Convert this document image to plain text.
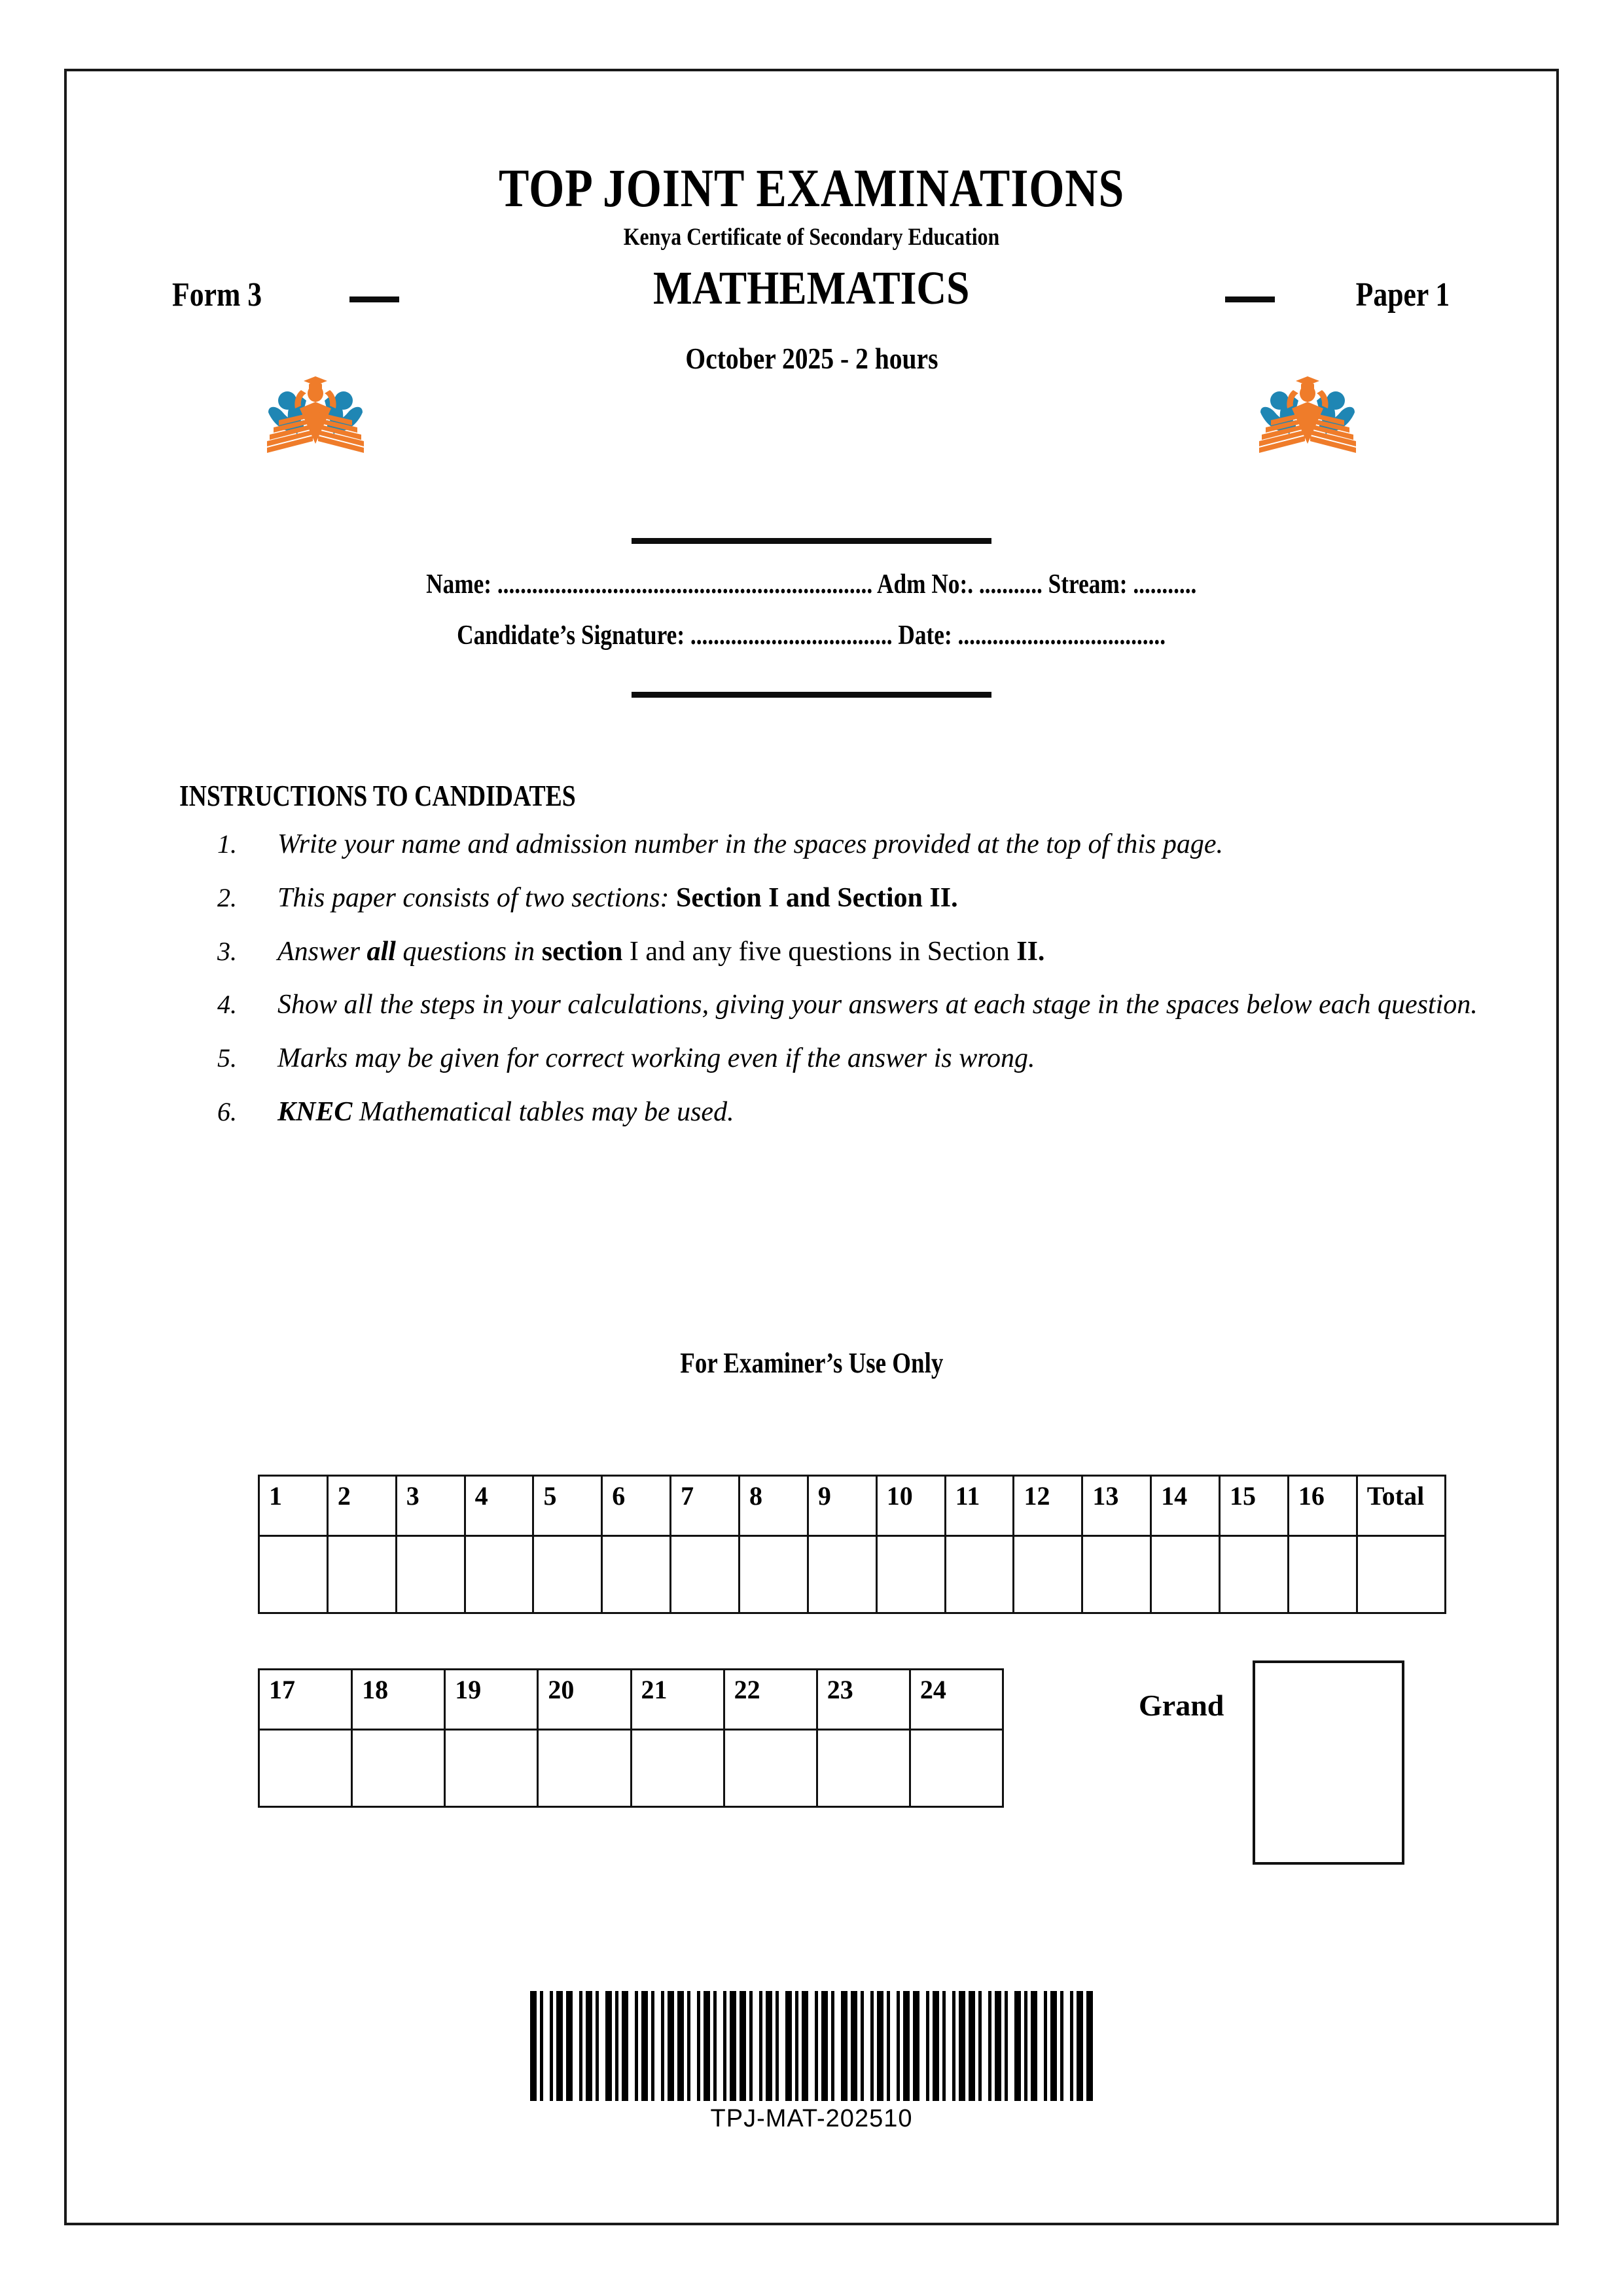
TOP JOINT EXAMINATIONS
Kenya Certificate of Secondary Education
Form 3	MATHEMATICS	Paper 1
October 2025 - 2 hours
Name: ................................................................. Adm No:. ........... Stream: ...........
Candidate’s Signature: ................................... Date: ....................................
INSTRUCTIONS TO CANDIDATES
1.	Write your name and admission number in the spaces provided at the top of this page.
2.	This paper consists of two sections: Section I and Section II.
3.	Answer all questions in section I and any five questions in Section II.
4.	Show all the steps in your calculations, giving your answers at each stage in the spaces below each question.
5.	Marks may be given for correct working even if the answer is wrong.
6.	KNEC Mathematical tables may be used.
For Examiner’s Use Only
1	2	3	4	5	6	7	8	9	10	11	12	13	14	15	16	Total

17	18	19	20	21	22	23	24
								Grand
TPJ-MAT-202510
